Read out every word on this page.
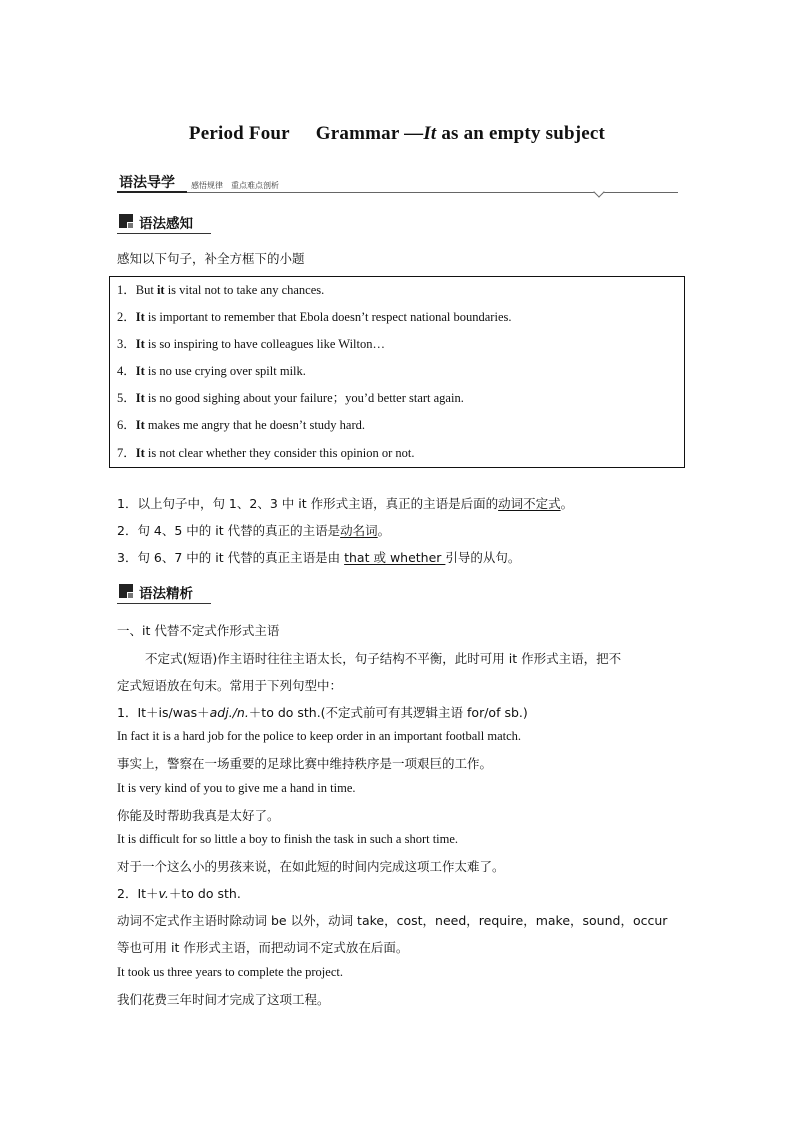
Period Four Grammar —It as an empty subject
语法导学 感悟规律 重点难点剖析
语法感知
感知以下句子，补全方框下的小题
1．But it is vital not to take any chances.
2．It is important to remember that Ebola doesn’t respect national boundaries.
3．It is so inspiring to have colleagues like Wilton…
4．It is no use crying over spilt milk.
5．It is no good sighing about your failure；you’d better start again.
6．It makes me angry that he doesn’t study hard.
7．It is not clear whether they consider this opinion or not.
1．以上句子中，句 1、2、3 中 it 作形式主语，真正的主语是后面的动词不定式。
2．句 4、5 中的 it 代替的真正的主语是动名词。
3．句 6、7 中的 it 代替的真正主语是由 that 或 whether 引导的从句。
语法精析
一、it 代替不定式作形式主语
不定式(短语)作主语时往往主语太长，句子结构不平衡，此时可用 it 作形式主语，把不
定式短语放在句末。常用于下列句型中：
1．It＋is/was＋adj./n.＋to do sth.(不定式前可有其逻辑主语 for/of sb.)
In fact it is a hard job for the police to keep order in an important football match.
事实上，警察在一场重要的足球比赛中维持秩序是一项艰巨的工作。
It is very kind of you to give me a hand in time.
你能及时帮助我真是太好了。
It is difficult for so little a boy to finish the task in such a short time.
对于一个这么小的男孩来说，在如此短的时间内完成这项工作太难了。
2．It＋v.＋to do sth.
动词不定式作主语时除动词 be 以外，动词 take，cost，need，require，make，sound，occur
等也可用 it 作形式主语，而把动词不定式放在后面。
It took us three years to complete the project.
我们花费三年时间才完成了这项工程。
